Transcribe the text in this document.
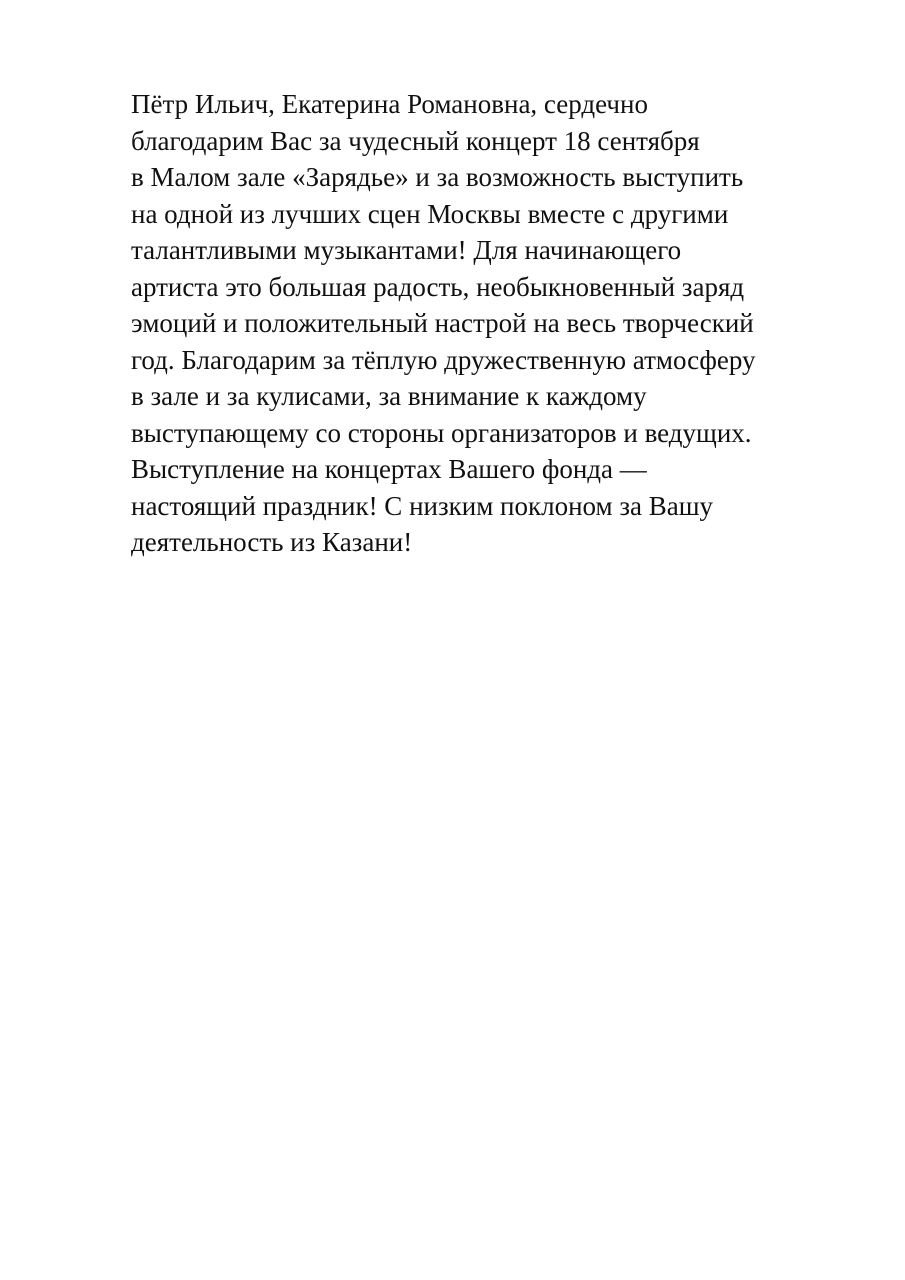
Пётр Ильич, Екатерина Романовна, сердечно
благодарим Вас за чудесный концерт 18 сентября
в Малом зале «Зарядье» и за возможность выступить
на одной из лучших сцен Москвы вместе с другими
талантливыми музыкантами! Для начинающего
артиста это большая радость, необыкновенный заряд
эмоций и положительный настрой на весь творческий
год. Благодарим за тёплую дружественную атмосферу
в зале и за кулисами, за внимание к каждому
выступающему со стороны организаторов и ведущих.
Выступление на концертах Вашего фонда —
настоящий праздник! С низким поклоном за Вашу
деятельность из Казани!
